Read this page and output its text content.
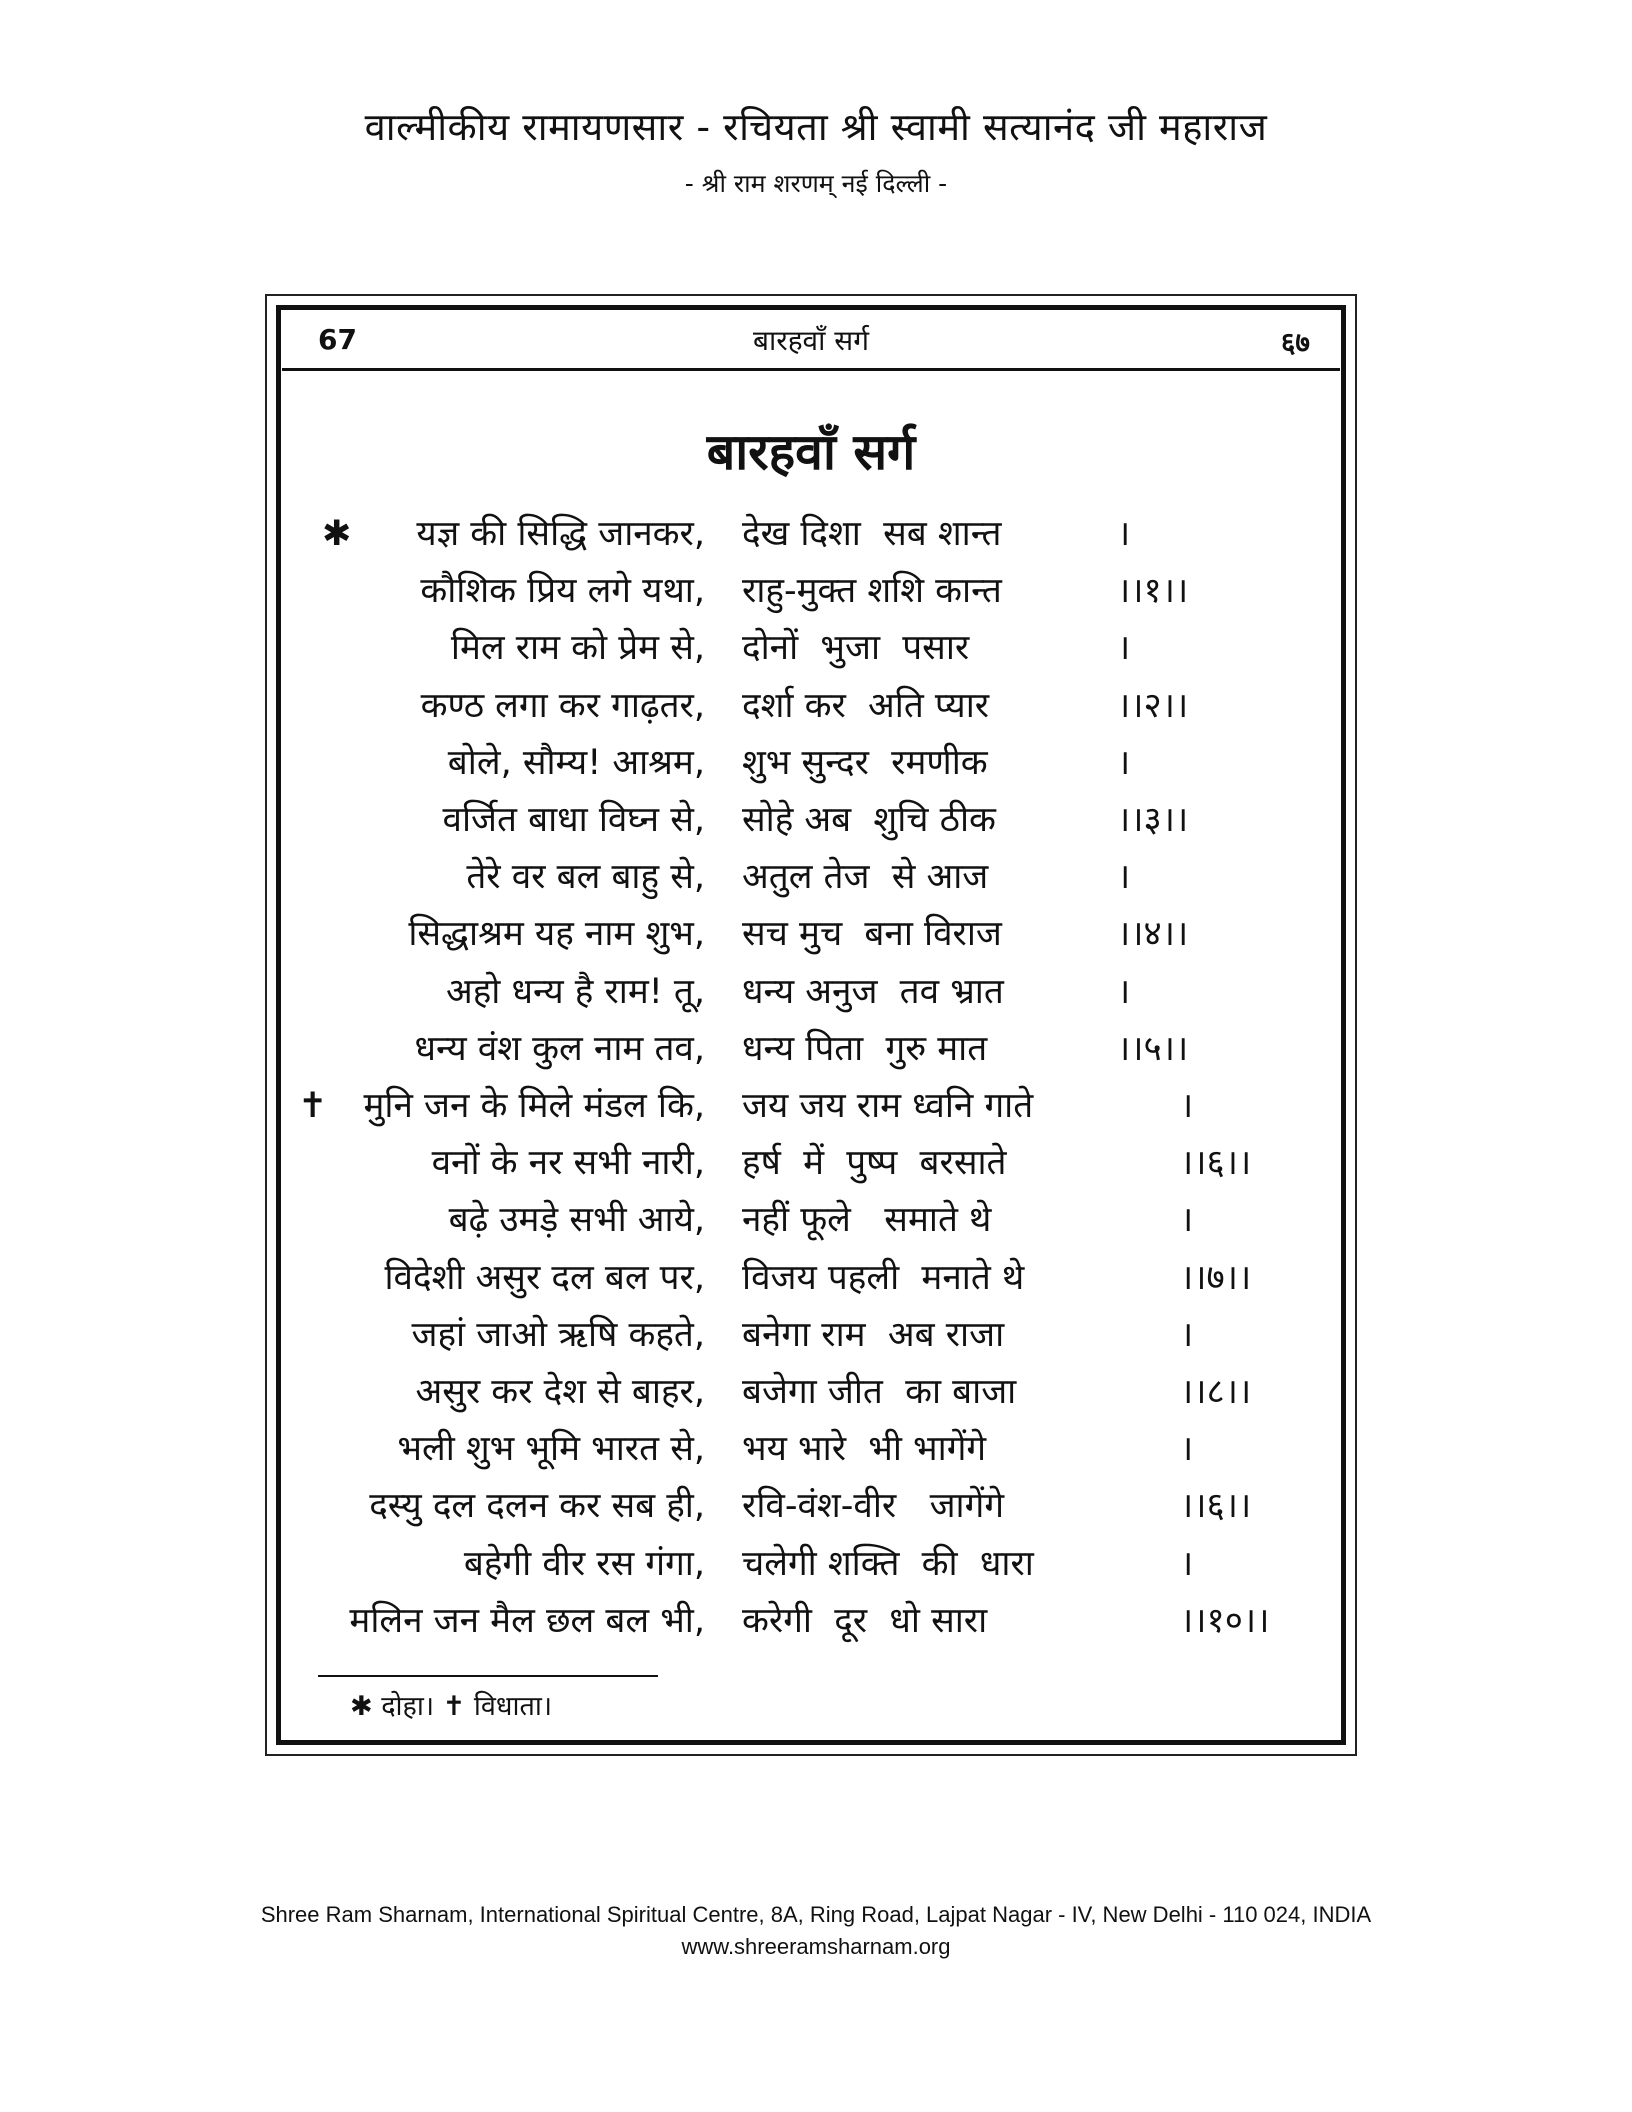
वाल्मीकीय रामायणसार - रचियता श्री स्वामी सत्यानंद जी महाराज
- श्री राम शरणम् नई दिल्ली -
67	बारहवाँ सर्ग	६७
बारहवाँ सर्ग
✱ यज्ञ की सिद्धि जानकर, देख दिशा  सब शान्त	।
कौशिक प्रिय लगे यथा, राहु-मुक्त शशि कान्त	।।१।।
मिल राम को प्रेम से, दोनों  भुजा  पसार	।
कण्ठ लगा कर गाढ़तर, दर्शा कर  अति प्यार	।।२।।
बोले, सौम्य! आश्रम, शुभ सुन्दर  रमणीक	।
वर्जित बाधा विघ्न से, सोहे अब  शुचि ठीक	।।३।।
तेरे वर बल बाहु से, अतुल तेज  से आज	।
सिद्धाश्रम यह नाम शुभ, सच मुच  बना विराज	।।४।।
अहो धन्य है राम! तू, धन्य अनुज  तव भ्रात	।
धन्य वंश कुल नाम तव, धन्य पिता  गुरु मात	।।५।।
✝ मुनि जन के मिले मंडल कि, जय जय राम ध्वनि गाते	।
वनों के नर सभी नारी, हर्ष  में  पुष्प  बरसाते	।।६।।
बढ़े उमड़े सभी आये, नहीं फूले   समाते थे	।
विदेशी असुर दल बल पर, विजय पहली  मनाते थे	।।७।।
जहां जाओ ऋषि कहते, बनेगा राम  अब राजा	।
असुर कर देश से बाहर, बजेगा जीत  का बाजा	।।८।।
भली शुभ भूमि भारत से, भय भारे  भी भागेंगे	।
दस्यु दल दलन कर सब ही, रवि-वंश-वीर   जागेंगे	।।६।।
बहेगी वीर रस गंगा, चलेगी शक्ति  की  धारा	।
मलिन जन मैल छल बल भी, करेगी  दूर  धो सारा	।।१०।।
✱ दोहा। ✝ विधाता।
Shree Ram Sharnam, International Spiritual Centre, 8A, Ring Road, Lajpat Nagar - IV, New Delhi - 110 024, INDIA
www.shreeramsharnam.org
